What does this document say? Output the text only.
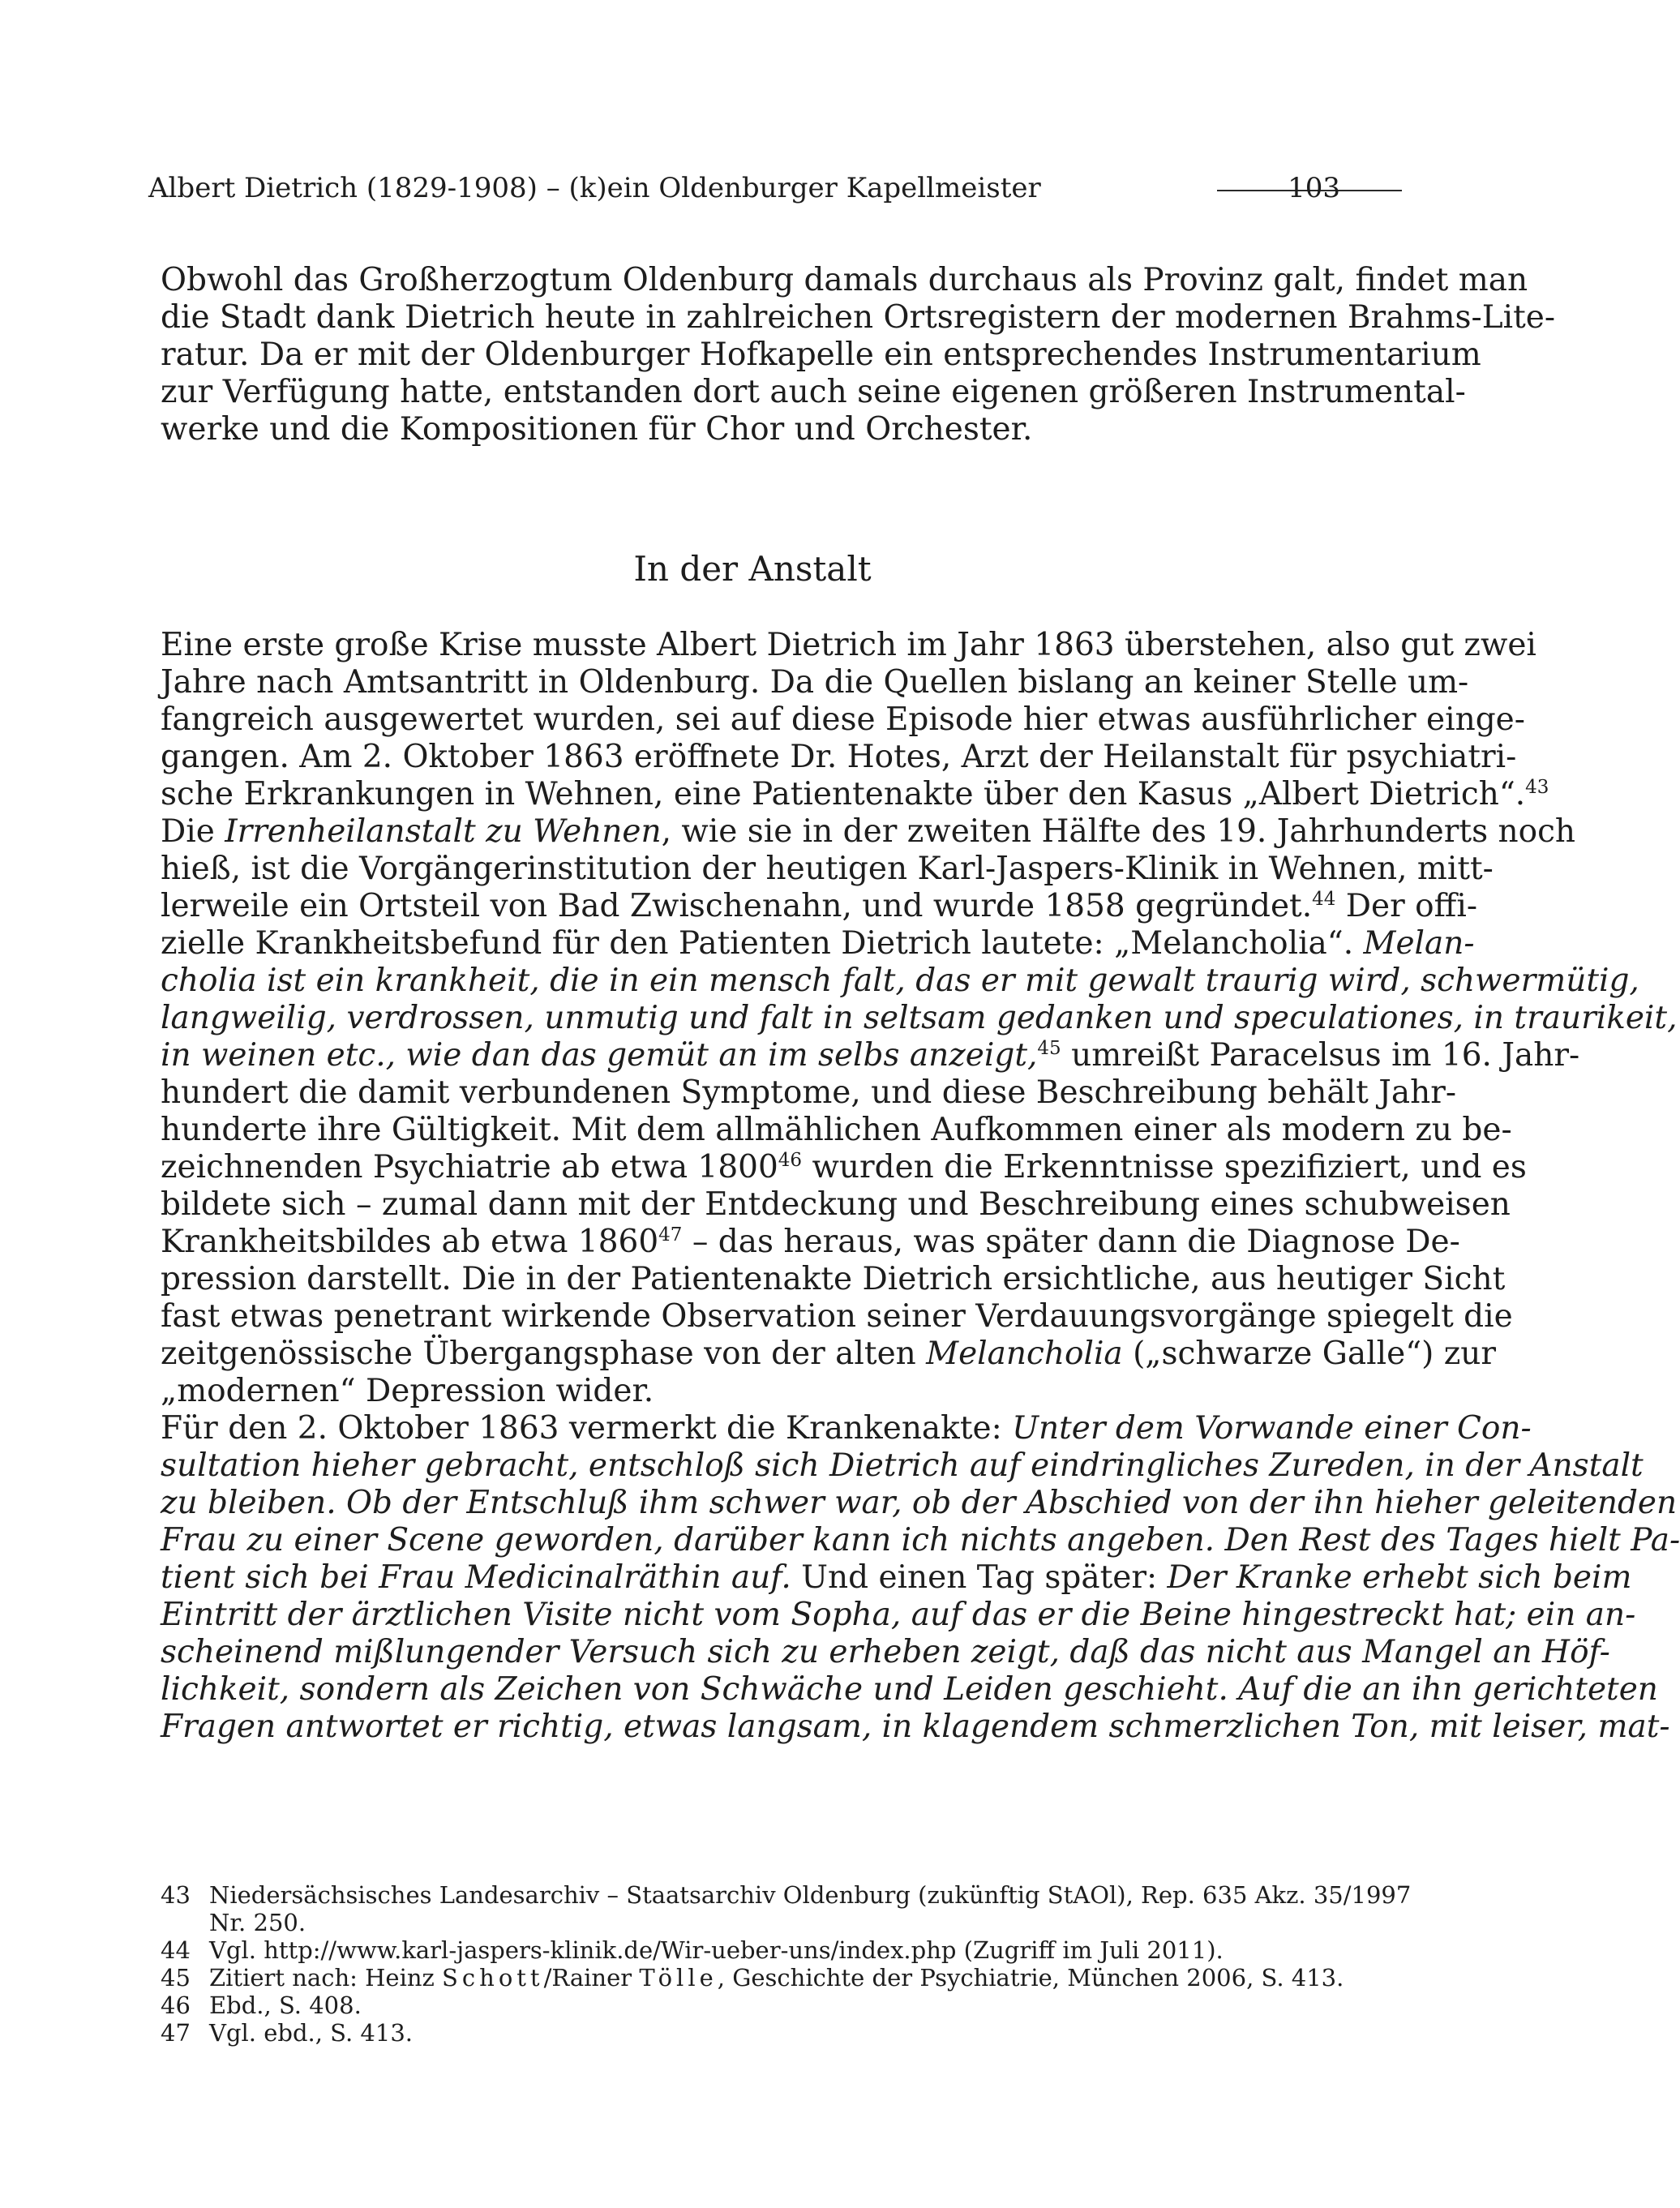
Albert Dietrich (1829-1908) – (k)ein Oldenburger Kapellmeister	103
Obwohl das Großherzogtum Oldenburg damals durchaus als Provinz galt, findet man
die Stadt dank Dietrich heute in zahlreichen Ortsregistern der modernen Brahms-Lite-
ratur. Da er mit der Oldenburger Hofkapelle ein entsprechendes Instrumentarium
zur Verfügung hatte, entstanden dort auch seine eigenen größeren Instrumental-
werke und die Kompositionen für Chor und Orchester.
In der Anstalt
Eine erste große Krise musste Albert Dietrich im Jahr 1863 überstehen, also gut zwei
Jahre nach Amtsantritt in Oldenburg. Da die Quellen bislang an keiner Stelle um-
fangreich ausgewertet wurden, sei auf diese Episode hier etwas ausführlicher einge-
gangen. Am 2. Oktober 1863 eröffnete Dr. Hotes, Arzt der Heilanstalt für psychiatri-
sche Erkrankungen in Wehnen, eine Patientenakte über den Kasus „Albert Dietrich“.$^{43}$
Die Irrenheilanstalt zu Wehnen, wie sie in der zweiten Hälfte des 19. Jahrhunderts noch
hieß, ist die Vorgängerinstitution der heutigen Karl-Jaspers-Klinik in Wehnen, mitt-
lerweile ein Ortsteil von Bad Zwischenahn, und wurde 1858 gegründet.$^{44}$ Der offi-
zielle Krankheitsbefund für den Patienten Dietrich lautete: „Melancholia“. Melan-
cholia ist ein krankheit, die in ein mensch falt, das er mit gewalt traurig wird, schwermütig,
langweilig, verdrossen, unmutig und falt in seltsam gedanken und speculationes, in traurikeit,
in weinen etc., wie dan das gemüt an im selbs anzeigt,$^{45}$ umreißt Paracelsus im 16. Jahr-
hundert die damit verbundenen Symptome, und diese Beschreibung behält Jahr-
hunderte ihre Gültigkeit. Mit dem allmählichen Aufkommen einer als modern zu be-
zeichnenden Psychiatrie ab etwa 1800$^{46}$ wurden die Erkenntnisse spezifiziert, und es
bildete sich – zumal dann mit der Entdeckung und Beschreibung eines schubweisen
Krankheitsbildes ab etwa 1860$^{47}$ – das heraus, was später dann die Diagnose De-
pression darstellt. Die in der Patientenakte Dietrich ersichtliche, aus heutiger Sicht
fast etwas penetrant wirkende Observation seiner Verdauungsvorgänge spiegelt die
zeitgenössische Übergangsphase von der alten Melancholia („schwarze Galle“) zur
„modernen“ Depression wider.
Für den 2. Oktober 1863 vermerkt die Krankenakte: Unter dem Vorwande einer Con-
sultation hieher gebracht, entschloß sich Dietrich auf eindringliches Zureden, in der Anstalt
zu bleiben. Ob der Entschluß ihm schwer war, ob der Abschied von der ihn hieher geleitenden
Frau zu einer Scene geworden, darüber kann ich nichts angeben. Den Rest des Tages hielt Pa-
tient sich bei Frau Medicinalräthin auf. Und einen Tag später: Der Kranke erhebt sich beim
Eintritt der ärztlichen Visite nicht vom Sopha, auf das er die Beine hingestreckt hat; ein an-
scheinend mißlungender Versuch sich zu erheben zeigt, daß das nicht aus Mangel an Höf-
lichkeit, sondern als Zeichen von Schwäche und Leiden geschieht. Auf die an ihn gerichteten
Fragen antwortet er richtig, etwas langsam, in klagendem schmerzlichen Ton, mit leiser, mat-
43 Niedersächsisches Landesarchiv – Staatsarchiv Oldenburg (zukünftig StAOl), Rep. 635 Akz. 35/1997
Nr. 250.
44 Vgl. http://www.karl-jaspers-klinik.de/Wir-ueber-uns/index.php (Zugriff im Juli 2011).
45 Zitiert nach: Heinz Schott/Rainer Tölle, Geschichte der Psychiatrie, München 2006, S. 413.
46 Ebd., S. 408.
47 Vgl. ebd., S. 413.
